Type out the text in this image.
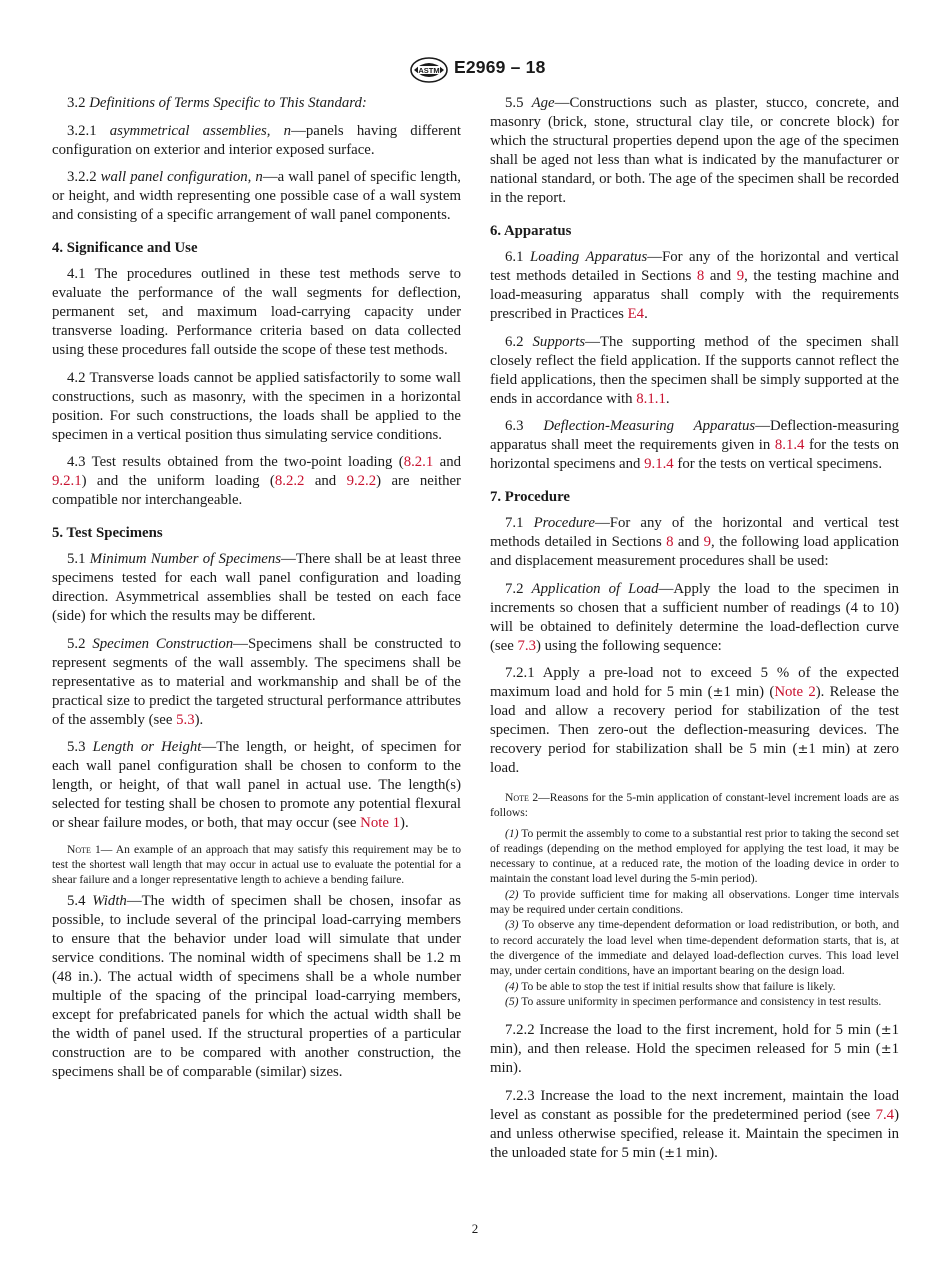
ASTM E2969 – 18

3.2 Definitions of Terms Specific to This Standard:

3.2.1 asymmetrical assemblies, n—panels having different configuration on exterior and interior exposed surface.

3.2.2 wall panel configuration, n—a wall panel of specific length, or height, and width representing one possible case of a wall system and consisting of a specific arrangement of wall panel components.

4. Significance and Use

4.1 The procedures outlined in these test methods serve to evaluate the performance of the wall segments for deflection, permanent set, and maximum load-carrying capacity under transverse loading. Performance criteria based on data collected using these procedures fall outside the scope of these test methods.

4.2 Transverse loads cannot be applied satisfactorily to some wall constructions, such as masonry, with the specimen in a horizontal position. For such constructions, the loads shall be applied to the specimen in a vertical position thus simulating service conditions.

4.3 Test results obtained from the two-point loading (8.2.1 and 9.2.1) and the uniform loading (8.2.2 and 9.2.2) are neither compatible nor interchangeable.

5. Test Specimens

5.1 Minimum Number of Specimens—There shall be at least three specimens tested for each wall panel configuration and loading direction. Asymmetrical assemblies shall be tested on each face (side) for which the results may be different.

5.2 Specimen Construction—Specimens shall be constructed to represent segments of the wall assembly. The specimens shall be representative as to material and workmanship and shall be of the practical size to predict the targeted structural performance attributes of the assembly (see 5.3).

5.3 Length or Height—The length, or height, of specimen for each wall panel configuration shall be chosen to conform to the length, or height, of that wall panel in actual use. The length(s) selected for testing shall be chosen to promote any potential flexural or shear failure modes, or both, that may occur (see Note 1).

Note 1— An example of an approach that may satisfy this requirement may be to test the shortest wall length that may occur in actual use to evaluate the potential for a shear failure and a longer representative length to achieve a bending failure.

5.4 Width—The width of specimen shall be chosen, insofar as possible, to include several of the principal load-carrying members to ensure that the behavior under load will simulate that under service conditions. The nominal width of specimens shall be 1.2 m (48 in.). The actual width of specimens shall be a whole number multiple of the spacing of the principal load-carrying members, except for prefabricated panels for which the actual width shall be the width of panel used. If the structural properties of a particular construction are to be compared with another construction, the specimens shall be of comparable (similar) sizes.

5.5 Age—Constructions such as plaster, stucco, concrete, and masonry (brick, stone, structural clay tile, or concrete block) for which the structural properties depend upon the age of the specimen shall be aged not less than what is indicated by the manufacturer or national standard, or both. The age of the specimen shall be recorded in the report.

6. Apparatus

6.1 Loading Apparatus—For any of the horizontal and vertical test methods detailed in Sections 8 and 9, the testing machine and load-measuring apparatus shall comply with the requirements prescribed in Practices E4.

6.2 Supports—The supporting method of the specimen shall closely reflect the field application. If the supports cannot reflect the field applications, then the specimen shall be simply supported at the ends in accordance with 8.1.1.

6.3 Deflection-Measuring Apparatus—Deflection-measuring apparatus shall meet the requirements given in 8.1.4 for the tests on horizontal specimens and 9.1.4 for the tests on vertical specimens.

7. Procedure

7.1 Procedure—For any of the horizontal and vertical test methods detailed in Sections 8 and 9, the following load application and displacement measurement procedures shall be used:

7.2 Application of Load—Apply the load to the specimen in increments so chosen that a sufficient number of readings (4 to 10) will be obtained to definitely determine the load-deflection curve (see 7.3) using the following sequence:

7.2.1 Apply a pre-load not to exceed 5 % of the expected maximum load and hold for 5 min (±1 min) (Note 2). Release the load and allow a recovery period for stabilization of the test specimen. Then zero-out the deflection-measuring devices. The recovery period for stabilization shall be 5 min (±1 min) at zero load.

Note 2—Reasons for the 5-min application of constant-level increment loads are as follows:

(1) To permit the assembly to come to a substantial rest prior to taking the second set of readings (depending on the method employed for applying the test load, it may be necessary to continue, at a reduced rate, the motion of the loading device in order to maintain the constant load level during the 5-min period).

(2) To provide sufficient time for making all observations. Longer time intervals may be required under certain conditions.

(3) To observe any time-dependent deformation or load redistribution, or both, and to record accurately the load level when time-dependent deformation starts, that is, at the divergence of the immediate and delayed load-deflection curves. This load level may, under certain conditions, have an important bearing on the design load.

(4) To be able to stop the test if initial results show that failure is likely.

(5) To assure uniformity in specimen performance and consistency in test results.

7.2.2 Increase the load to the first increment, hold for 5 min (±1 min), and then release. Hold the specimen released for 5 min (±1 min).

7.2.3 Increase the load to the next increment, maintain the load level as constant as possible for the predetermined period (see 7.4) and unless otherwise specified, release it. Maintain the specimen in the unloaded state for 5 min (±1 min).

2
